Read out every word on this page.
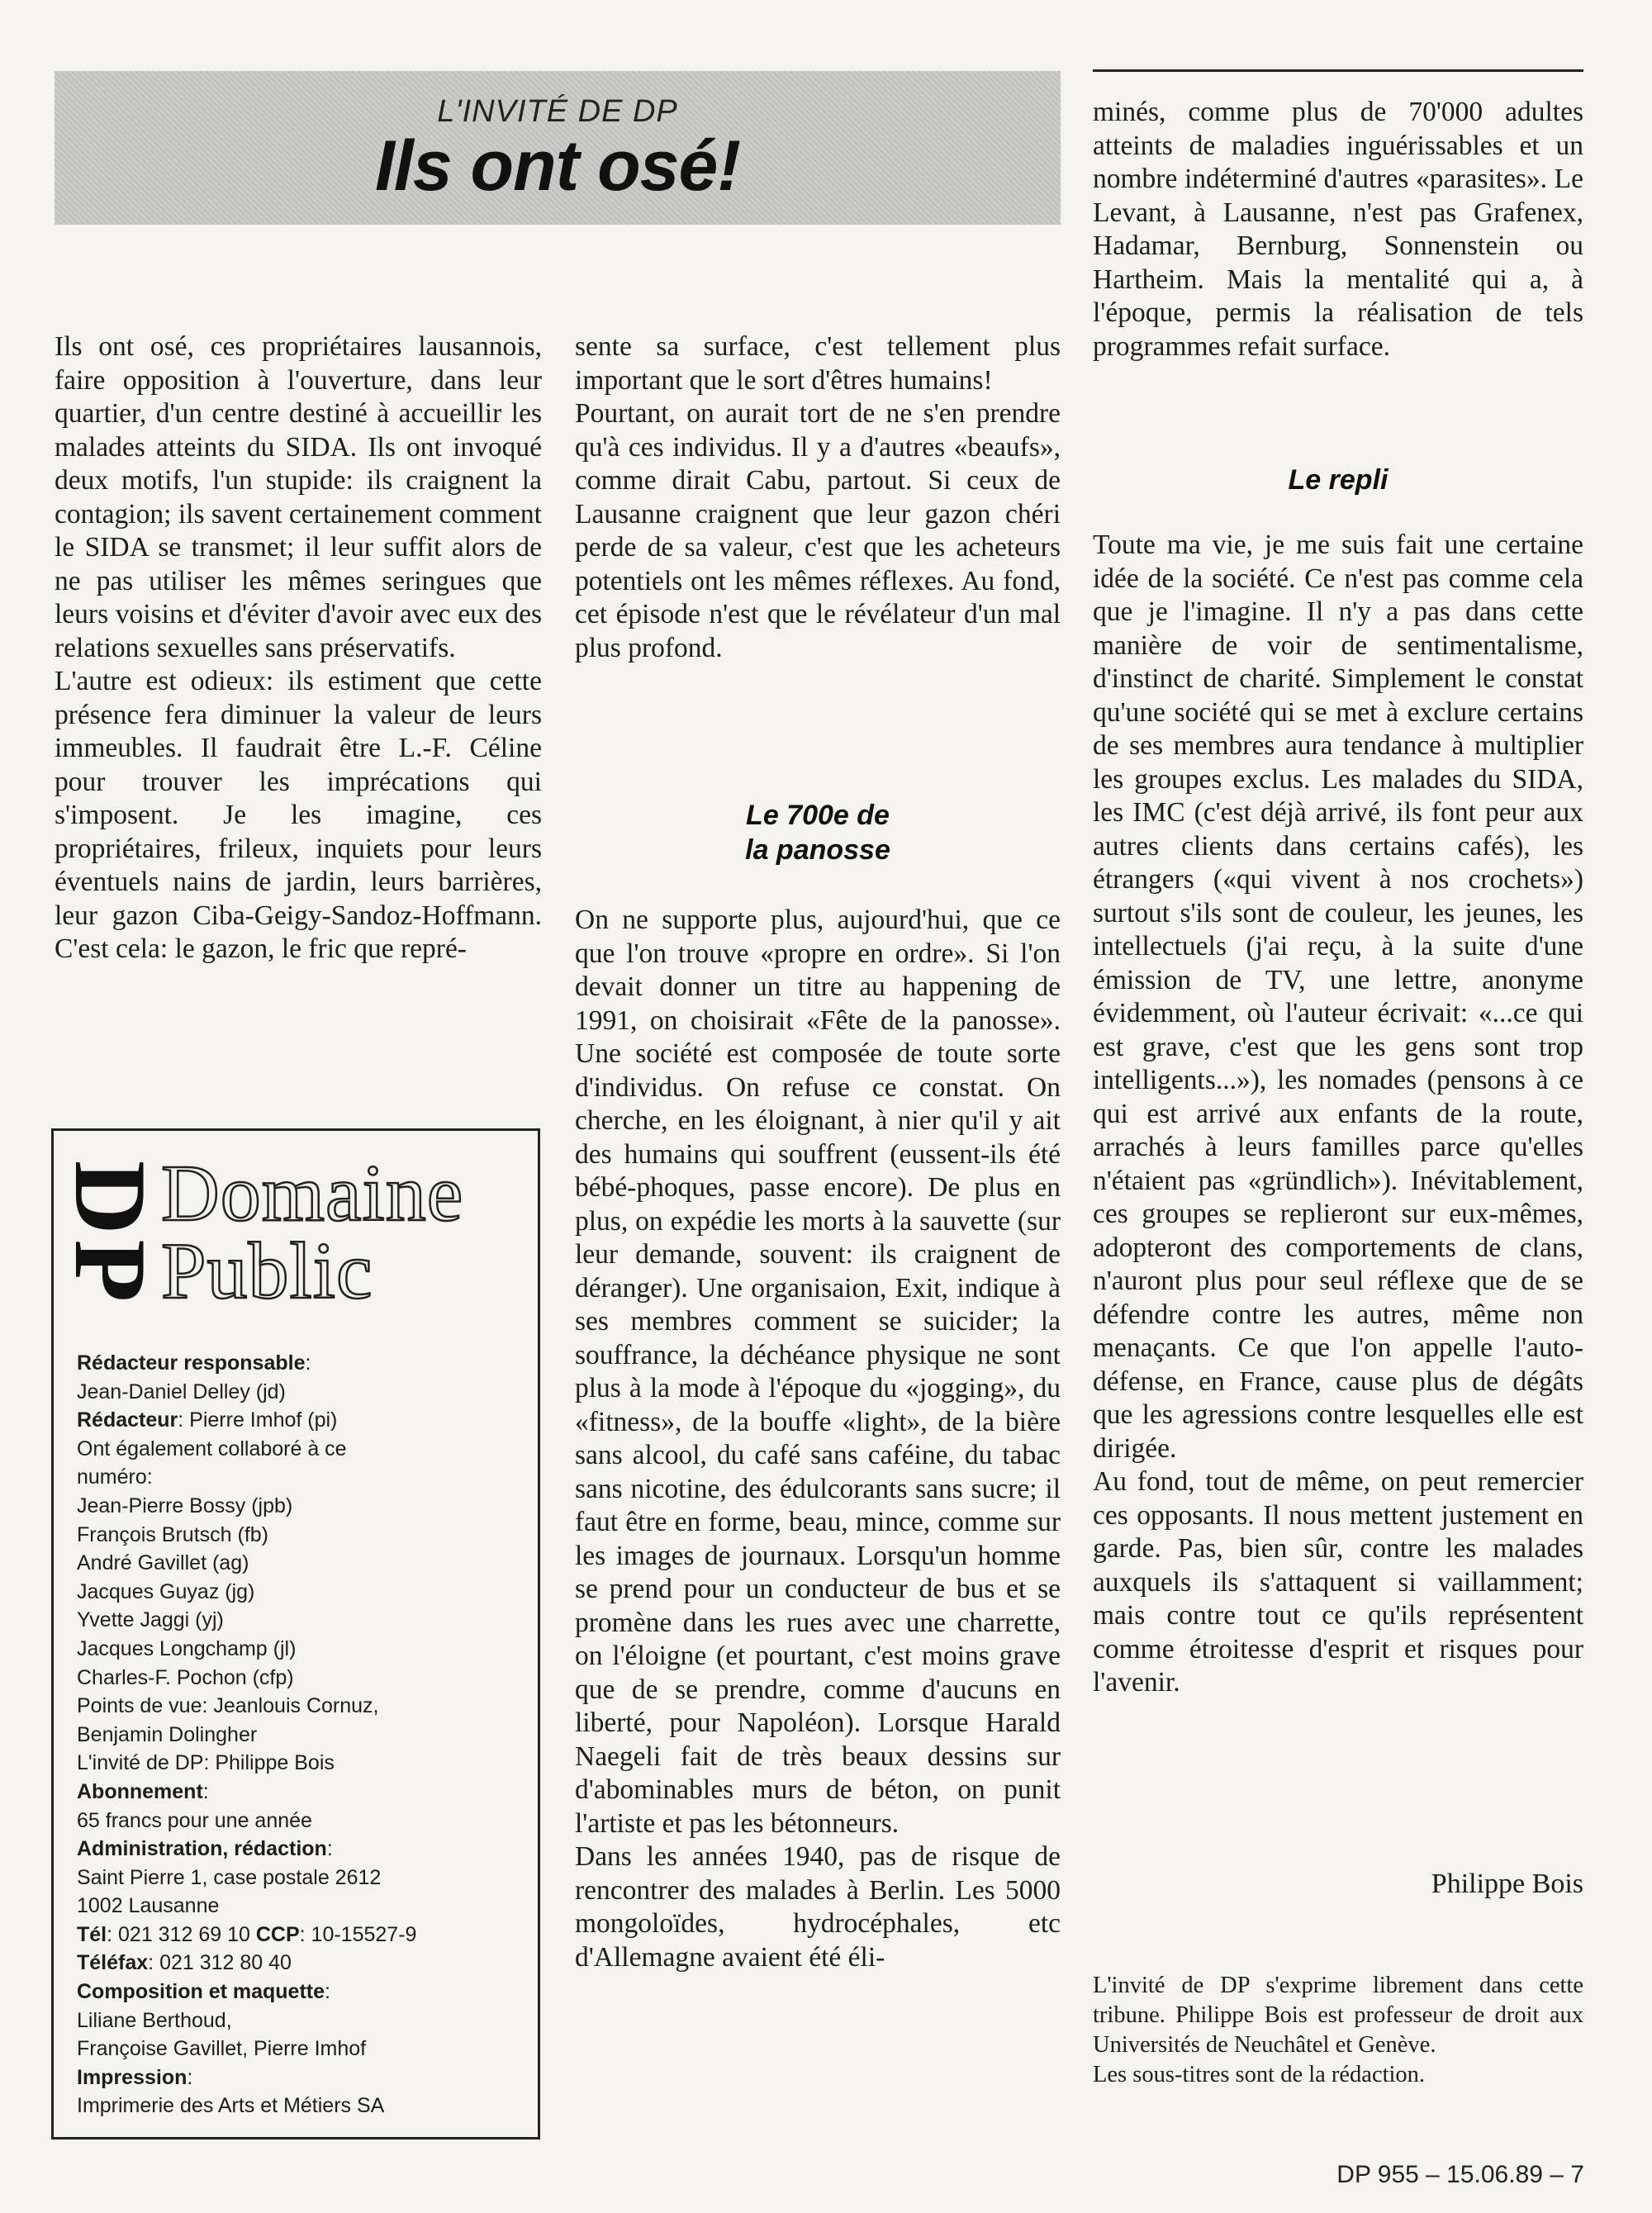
L'INVITÉ DE DP
Ils ont osé!

Ils ont osé, ces propriétaires lausannois, faire opposition à l'ouverture, dans leur quartier, d'un centre destiné à accueillir les malades atteints du SIDA. Ils ont invoqué deux motifs, l'un stupide: ils craignent la contagion; ils savent certainement comment le SIDA se transmet; il leur suffit alors de ne pas utiliser les mêmes seringues que leurs voisins et d'éviter d'avoir avec eux des relations sexuelles sans préservatifs.

L'autre est odieux: ils estiment que cette présence fera diminuer la valeur de leurs immeubles. Il faudrait être L.-F. Céline pour trouver les imprécations qui s'imposent. Je les imagine, ces propriétaires, frileux, inquiets pour leurs éventuels nains de jardin, leurs barrières, leur gazon Ciba-Geigy-Sandoz-Hoffmann. C'est cela: le gazon, le fric que repré-

sente sa surface, c'est tellement plus important que le sort d'êtres humains!

Pourtant, on aurait tort de ne s'en prendre qu'à ces individus. Il y a d'autres «beaufs», comme dirait Cabu, partout. Si ceux de Lausanne craignent que leur gazon chéri perde de sa valeur, c'est que les acheteurs potentiels ont les mêmes réflexes. Au fond, cet épisode n'est que le révélateur d'un mal plus profond.

Le 700e de
la panosse

On ne supporte plus, aujourd'hui, que ce que l'on trouve «propre en ordre». Si l'on devait donner un titre au happening de 1991, on choisirait «Fête de la panosse». Une société est composée de toute sorte d'individus. On refuse ce constat. On cherche, en les éloignant, à nier qu'il y ait des humains qui souffrent (eussent-ils été bébé-phoques, passe encore). De plus en plus, on expédie les morts à la sauvette (sur leur demande, souvent: ils craignent de déranger). Une organisaion, Exit, indique à ses membres comment se suicider; la souffrance, la déchéance physique ne sont plus à la mode à l'époque du «jogging», du «fitness», de la bouffe «light», de la bière sans alcool, du café sans caféine, du tabac sans nicotine, des édulcorants sans sucre; il faut être en forme, beau, mince, comme sur les images de journaux. Lorsqu'un homme se prend pour un conducteur de bus et se promène dans les rues avec une charrette, on l'éloigne (et pourtant, c'est moins grave que de se prendre, comme d'aucuns en liberté, pour Napoléon). Lorsque Harald Naegeli fait de très beaux dessins sur d'abominables murs de béton, on punit l'artiste et pas les bétonneurs.

Dans les années 1940, pas de risque de rencontrer des malades à Berlin. Les 5000 mongoloïdes, hydrocéphales, etc d'Allemagne avaient été éli-

minés, comme plus de 70'000 adultes atteints de maladies inguérissables et un nombre indéterminé d'autres «parasites». Le Levant, à Lausanne, n'est pas Grafenex, Hadamar, Bernburg, Sonnenstein ou Hartheim. Mais la mentalité qui a, à l'époque, permis la réalisation de tels programmes refait surface.

Le repli

Toute ma vie, je me suis fait une certaine idée de la société. Ce n'est pas comme cela que je l'imagine. Il n'y a pas dans cette manière de voir de sentimentalisme, d'instinct de charité. Simplement le constat qu'une société qui se met à exclure certains de ses membres aura tendance à multiplier les groupes exclus. Les malades du SIDA, les IMC (c'est déjà arrivé, ils font peur aux autres clients dans certains cafés), les étrangers («qui vivent à nos crochets») surtout s'ils sont de couleur, les jeunes, les intellectuels (j'ai reçu, à la suite d'une émission de TV, une lettre, anonyme évidemment, où l'auteur écrivait: «...ce qui est grave, c'est que les gens sont trop intelligents...»), les nomades (pensons à ce qui est arrivé aux enfants de la route, arrachés à leurs familles parce qu'elles n'étaient pas «gründlich»). Inévitablement, ces groupes se replieront sur eux-mêmes, adopteront des comportements de clans, n'auront plus pour seul réflexe que de se défendre contre les autres, même non menaçants. Ce que l'on appelle l'auto-défense, en France, cause plus de dégâts que les agressions contre lesquelles elle est dirigée.

Au fond, tout de même, on peut remercier ces opposants. Il nous mettent justement en garde. Pas, bien sûr, contre les malades auxquels ils s'attaquent si vaillamment; mais contre tout ce qu'ils représentent comme étroitesse d'esprit et risques pour l'avenir.

Philippe Bois

L'invité de DP s'exprime librement dans cette tribune. Philippe Bois est professeur de droit aux Universités de Neuchâtel et Genève.

Les sous-titres sont de la rédaction.

DP
Domaine
Public
Rédacteur responsable:
Jean-Daniel Delley (jd)
Rédacteur: Pierre Imhof (pi)
Ont également collaboré à ce
numéro:
Jean-Pierre Bossy (jpb)
François Brutsch (fb)
André Gavillet (ag)
Jacques Guyaz (jg)
Yvette Jaggi (yj)
Jacques Longchamp (jl)
Charles-F. Pochon (cfp)
Points de vue: Jeanlouis Cornuz,
Benjamin Dolingher
L'invité de DP: Philippe Bois
Abonnement:
65 francs pour une année
Administration, rédaction:
Saint Pierre 1, case postale 2612
1002 Lausanne
Tél: 021 312 69 10 CCP: 10-15527-9
Téléfax: 021 312 80 40
Composition et maquette:
Liliane Berthoud,
Françoise Gavillet, Pierre Imhof
Impression:
Imprimerie des Arts et Métiers SA
DP 955 – 15.06.89 – 7
